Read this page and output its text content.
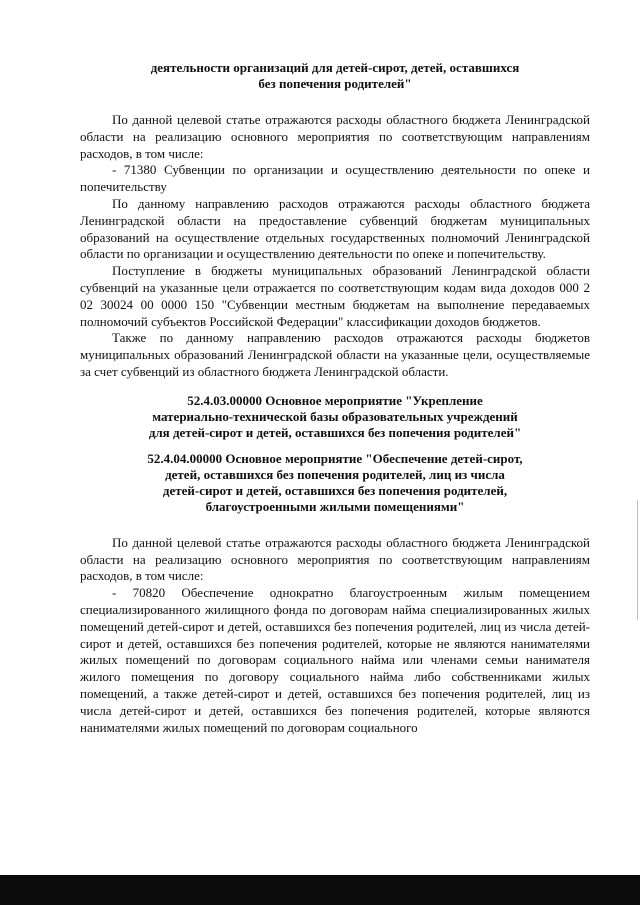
деятельности организаций для детей-сирот, детей, оставшихся
без попечения родителей"

По данной целевой статье отражаются расходы областного бюджета Ленинградской области на реализацию основного мероприятия по соответствующим направлениям расходов, в том числе:

- 71380 Субвенции по организации и осуществлению деятельности по опеке и попечительству

По данному направлению расходов отражаются расходы областного бюджета Ленинградской области на предоставление субвенций бюджетам муниципальных образований на осуществление отдельных государственных полномочий Ленинградской области по организации и осуществлению деятельности по опеке и попечительству.

Поступление в бюджеты муниципальных образований Ленинградской области субвенций на указанные цели отражается по соответствующим кодам вида доходов 000 2 02 30024 00 0000 150 "Субвенции местным бюджетам на выполнение передаваемых полномочий субъектов Российской Федерации" классификации доходов бюджетов.

Также по данному направлению расходов отражаются расходы бюджетов муниципальных образований Ленинградской области на указанные цели, осуществляемые за счет субвенций из областного бюджета Ленинградской области.

52.4.03.00000 Основное мероприятие "Укрепление
материально-технической базы образовательных учреждений
для детей-сирот и детей, оставшихся без попечения родителей"
52.4.04.00000 Основное мероприятие "Обеспечение детей-сирот,
детей, оставшихся без попечения родителей, лиц из числа
детей-сирот и детей, оставшихся без попечения родителей,
благоустроенными жилыми помещениями"

По данной целевой статье отражаются расходы областного бюджета Ленинградской области на реализацию основного мероприятия по соответствующим направлениям расходов, в том числе:

- 70820 Обеспечение однократно благоустроенным жилым помещением специализированного жилищного фонда по договорам найма специализированных жилых помещений детей-сирот и детей, оставшихся без попечения родителей, лиц из числа детей-сирот и детей, оставшихся без попечения родителей, которые не являются нанимателями жилых помещений по договорам социального найма или членами семьи нанимателя жилого помещения по договору социального найма либо собственниками жилых помещений, а также детей-сирот и детей, оставшихся без попечения родителей, лиц из числа детей-сирот и детей, оставшихся без попечения родителей, которые являются нанимателями жилых помещений по договорам социального
